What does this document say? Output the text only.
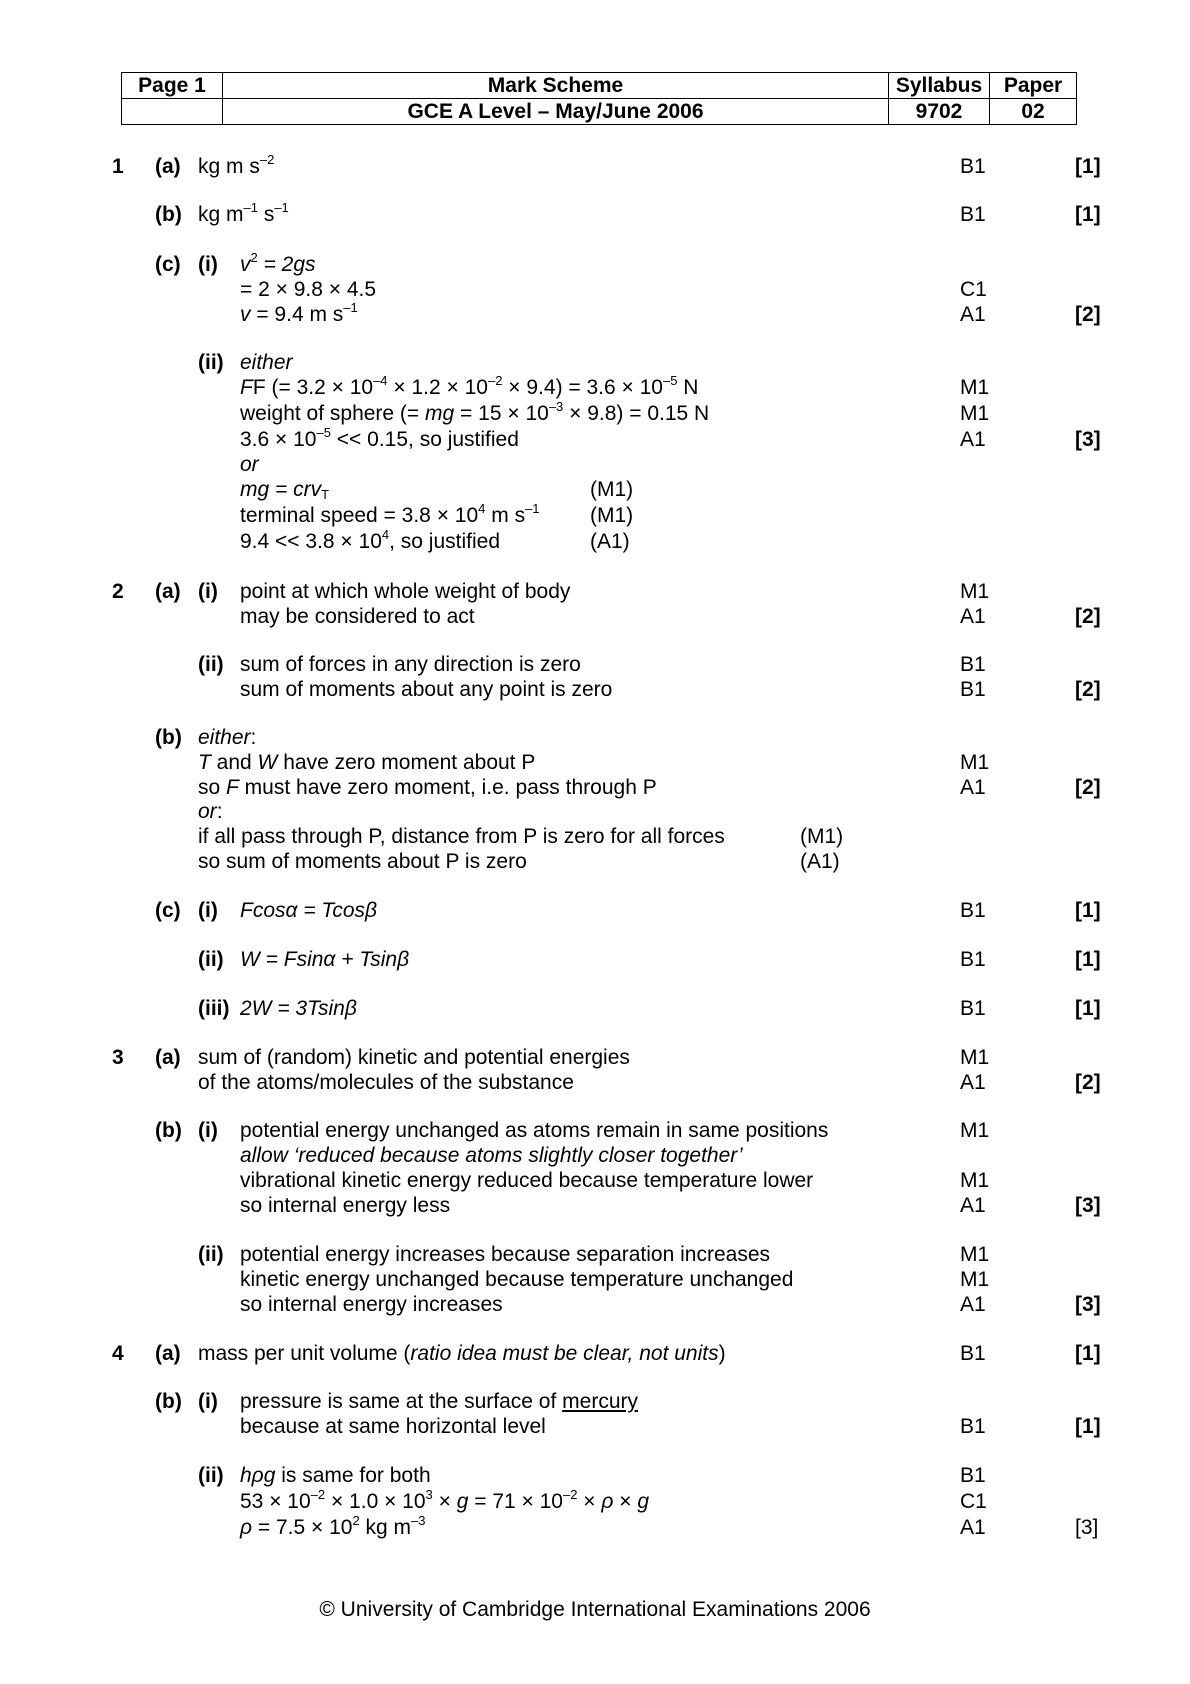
Page 1	Mark Scheme	Syllabus	Paper
	GCE A Level – May/June 2006	9702	02
1 (a) kg m $s^{-2}$	B1	[1]
(b) kg $m^{-1}$ $s^{-1}$	B1	[1]
(c) (i) $v^2 = 2gs$
= 2 × 9.8 × 4.5	C1
v = 9.4 m $s^{-1}$	A1	[2]
(ii) either
FF (= $3.2 \times 10^{-4} \times 1.2 \times 10^{-2} \times 9.4) = 3.6 \times 10^{-5}$ N	M1
weight of sphere (= mg = $15 \times 10^{-3} \times 9.8) = 0.15$ N	M1
$3.6 \times 10^{-5} << 0.15$, so justified	A1	[3]
or
mg = crv$_T$	(M1)
terminal speed = $3.8 \times 10^4$ m $s^{-1}$ (M1)
$9.4 << 3.8 \times 10^4$, so justified	(A1)
2 (a) (i) point at which whole weight of body	M1
may be considered to act	A1	[2]
(ii) sum of forces in any direction is zero	B1
sum of moments about any point is zero	B1	[2]
(b) either:
T and W have zero moment about P	M1
so F must have zero moment, i.e. pass through P	A1	[2]
or:
if all pass through P, distance from P is zero for all forces	(M1)
so sum of moments about P is zero	(A1)
(c) (i) Fcosα = Tcosβ	B1	[1]
(ii) W = Fsinα + Tsinβ	B1	[1]
(iii) 2W = 3Tsinβ	B1	[1]
3 (a) sum of (random) kinetic and potential energies	M1
of the atoms/molecules of the substance	A1	[2]
(b) (i) potential energy unchanged as atoms remain in same positions	M1
allow ‘reduced because atoms slightly closer together’
vibrational kinetic energy reduced because temperature lower	M1
so internal energy less	A1	[3]
(ii) potential energy increases because separation increases	M1
kinetic energy unchanged because temperature unchanged	M1
so internal energy increases	A1	[3]
4 (a) mass per unit volume (ratio idea must be clear, not units)	B1	[1]
(b) (i) pressure is same at the surface of mercury
because at same horizontal level	B1	[1]
(ii) hρg is same for both	B1
$53 \times 10^{-2} \times 1.0 \times 10^3 \times g = 71 \times 10^{-2} \times \rho \times g$	C1
$\rho = 7.5 \times 10^2$ kg $m^{-3}$	A1	[3]
© University of Cambridge International Examinations 2006
